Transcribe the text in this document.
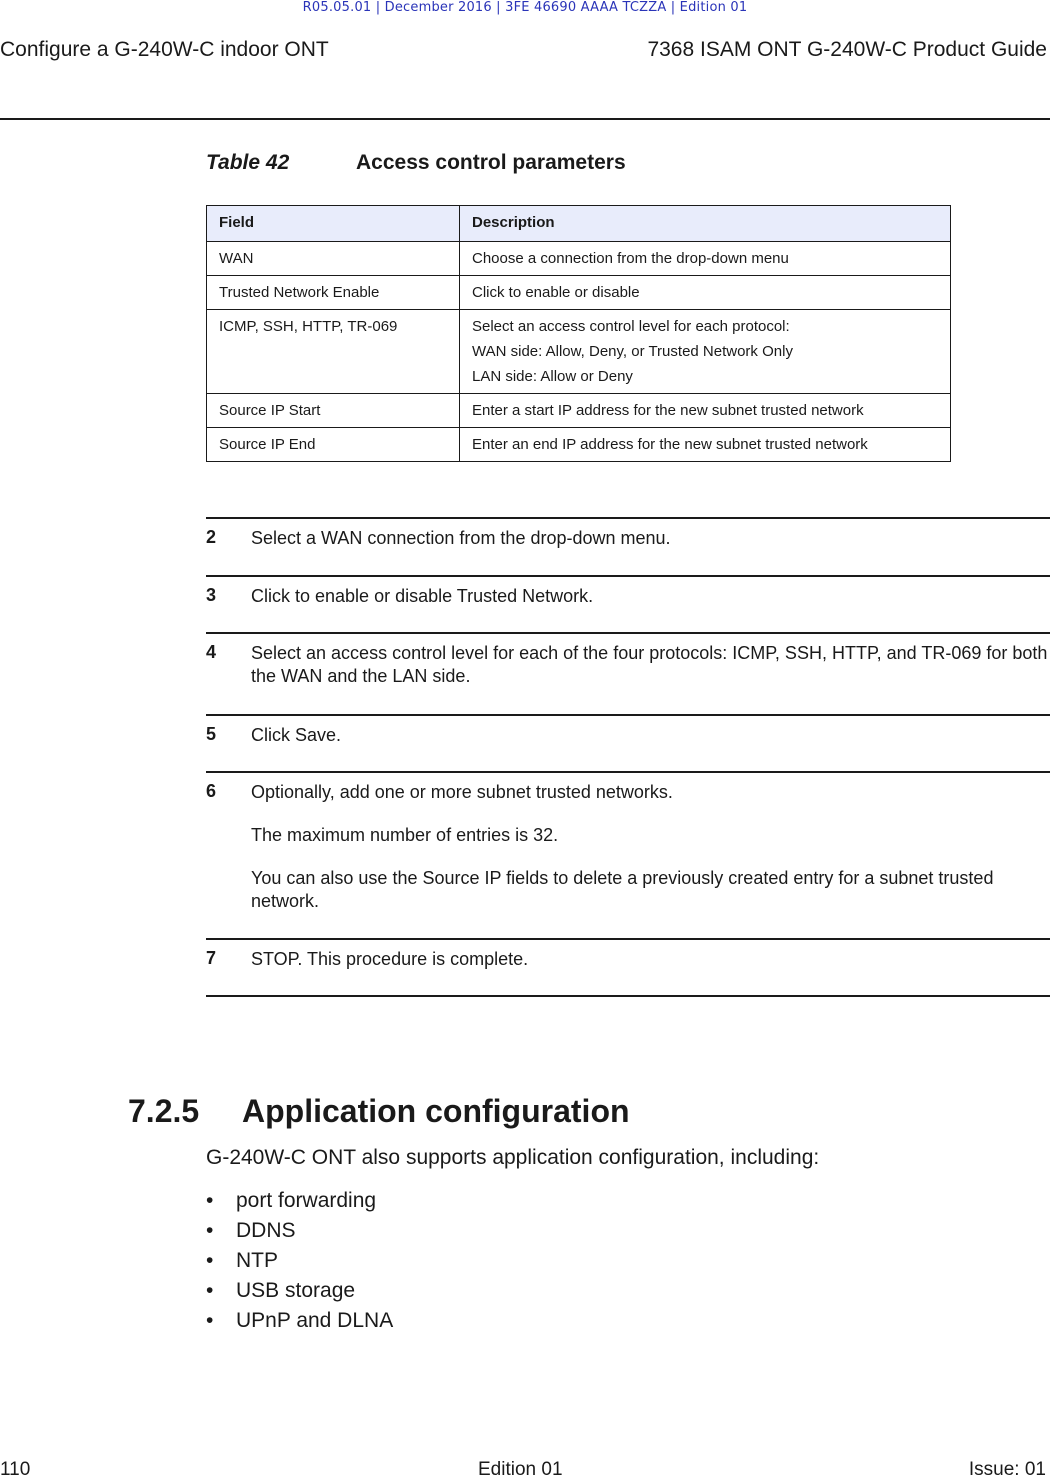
R05.05.01 | December 2016 | 3FE 46690 AAAA TCZZA | Edition 01
Configure a G-240W-C indoor ONT	7368 ISAM ONT G-240W-C Product Guide
Table 42	Access control parameters
Field	Description
WAN	Choose a connection from the drop-down menu

Trusted Network Enable	Click to enable or disable

ICMP, SSH, HTTP, TR-069	Select an access control level for each protocol:
WAN side: Allow, Deny, or Trusted Network Only
LAN side: Allow or Deny

Source IP Start	Enter a start IP address for the new subnet trusted network

Source IP End	Enter an end IP address for the new subnet trusted network
2 Select a WAN connection from the drop-down menu.

3 Click to enable or disable Trusted Network.

4 Select an access control level for each of the four protocols: ICMP, SSH, HTTP, and TR-069 for both the WAN and the LAN side.

5 Click Save.

6 Optionally, add one or more subnet trusted networks.

The maximum number of entries is 32.

You can also use the Source IP fields to delete a previously created entry for a subnet trusted network.

7 STOP. This procedure is complete.

7.2.5 Application configuration
G-240W-C ONT also supports application configuration, including:
• port forwarding
• DDNS
• NTP
• USB storage
• UPnP and DLNA
110	Edition 01	Issue: 01
